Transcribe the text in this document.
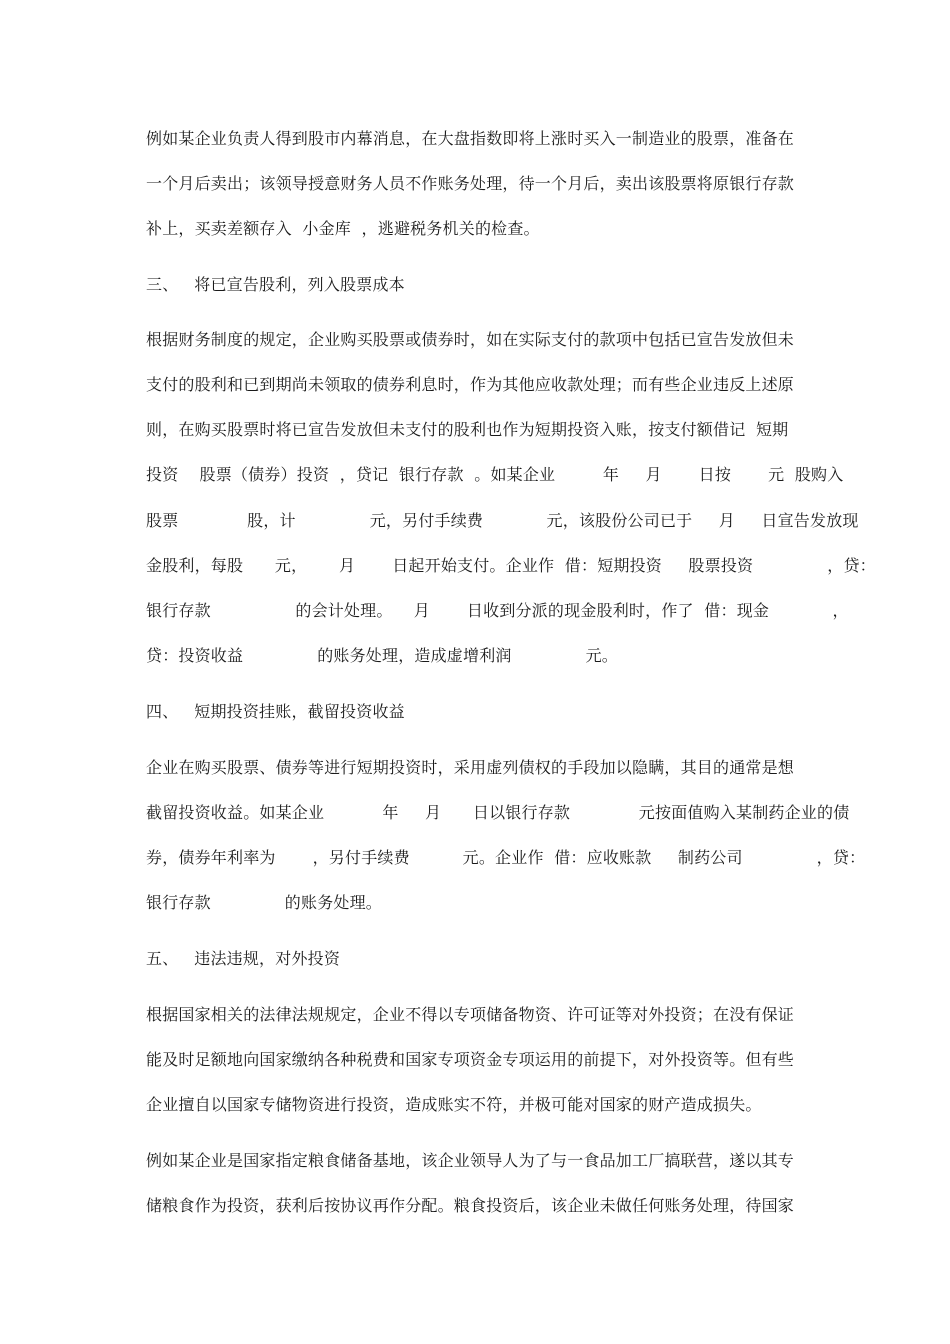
例如某企业负责人得到股市内幕消息，在大盘指数即将上涨时买入一制造业的股票，准备在
一个月后卖出；该领导授意财务人员不作账务处理，待一个月后，卖出该股票将原银行存款
补上，买卖差额存入  小金库  ，逃避税务机关的检查。
三、   将已宣告股利，列入股票成本
根据财务制度的规定，企业购买股票或债券时，如在实际支付的款项中包括已宣告发放但未
支付的股利和已到期尚未领取的债券利息时，作为其他应收款处理；而有些企业违反上述原
则，在购买股票时将已宣告发放但未支付的股利也作为短期投资入账，按支付额借记  短期
投资    股票（债券）投资  ，贷记  银行存款  。如某企业         年     月       日按       元  股购入
股票             股，计              元，另付手续费            元，该股份公司已于     月     日宣告发放现
金股利，每股      元，      月       日起开始支付。企业作  借：短期投资     股票投资              ，贷：
银行存款                的会计处理。    月       日收到分派的现金股利时，作了  借：现金            ，
贷：投资收益              的账务处理，造成虚增利润              元。
四、   短期投资挂账，截留投资收益
企业在购买股票、债券等进行短期投资时，采用虚列债权的手段加以隐瞒，其目的通常是想
截留投资收益。如某企业           年     月      日以银行存款             元按面值购入某制药企业的债
券，债券年利率为       ，另付手续费          元。企业作  借：应收账款     制药公司              ，贷：
银行存款              的账务处理。
五、   违法违规，对外投资
根据国家相关的法律法规规定，企业不得以专项储备物资、许可证等对外投资；在没有保证
能及时足额地向国家缴纳各种税费和国家专项资金专项运用的前提下，对外投资等。但有些
企业擅自以国家专储物资进行投资，造成账实不符，并极可能对国家的财产造成损失。
例如某企业是国家指定粮食储备基地，该企业领导人为了与一食品加工厂搞联营，遂以其专
储粮食作为投资，获利后按协议再作分配。粮食投资后，该企业未做任何账务处理，待国家
